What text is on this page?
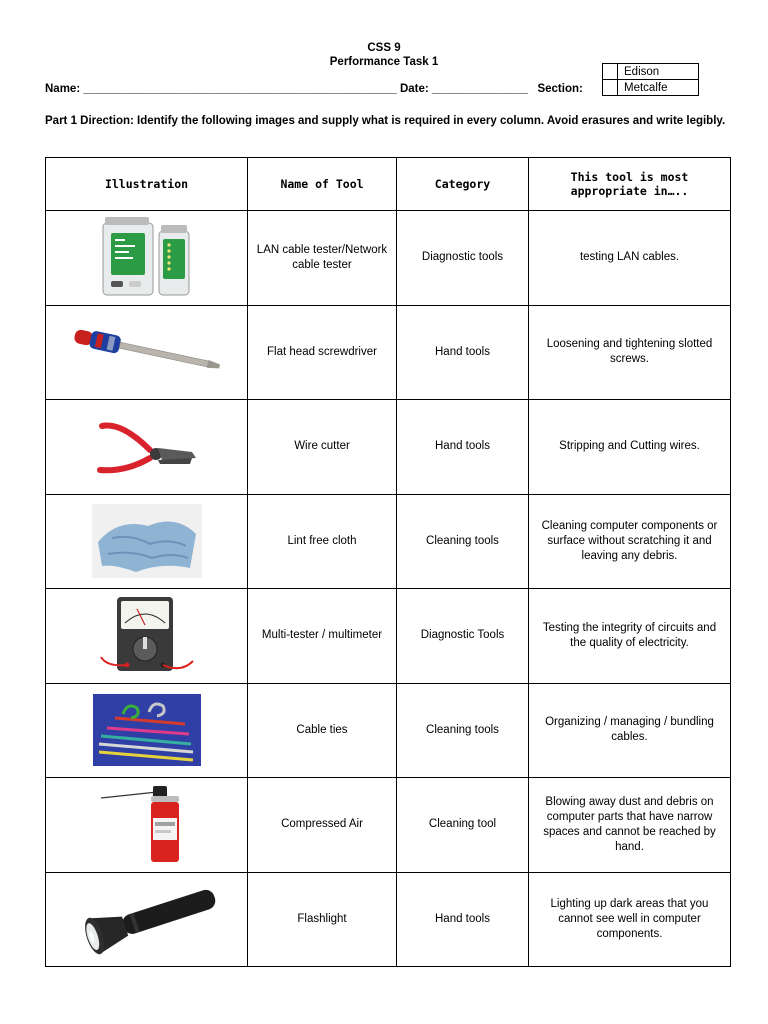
CSS 9
Performance Task 1
Name: _________________________________________________ Date: _______________ Section:
	Edison
	Metcalfe
Part 1 Direction: Identify the following images and supply what is required in every column. Avoid erasures and write legibly.
Illustration	Name of Tool	Category	This tool is most appropriate in…..

	LAN cable tester/Network cable tester	Diagnostic tools	testing LAN cables.

	Flat head screwdriver	Hand tools	Loosening and tightening slotted screws.

	Wire cutter	Hand tools	Stripping and Cutting wires.

	Lint free cloth	Cleaning tools	Cleaning computer components or surface without scratching it and leaving any debris.

	Multi-tester / multimeter	Diagnostic Tools	Testing the integrity of circuits and the quality of electricity.

	Cable ties	Cleaning tools	Organizing / managing / bundling cables.

	Compressed Air	Cleaning tool	Blowing away dust and debris on computer parts that have narrow spaces and cannot be reached by hand.

	Flashlight	Hand tools	Lighting up dark areas that you cannot see well in computer components.
